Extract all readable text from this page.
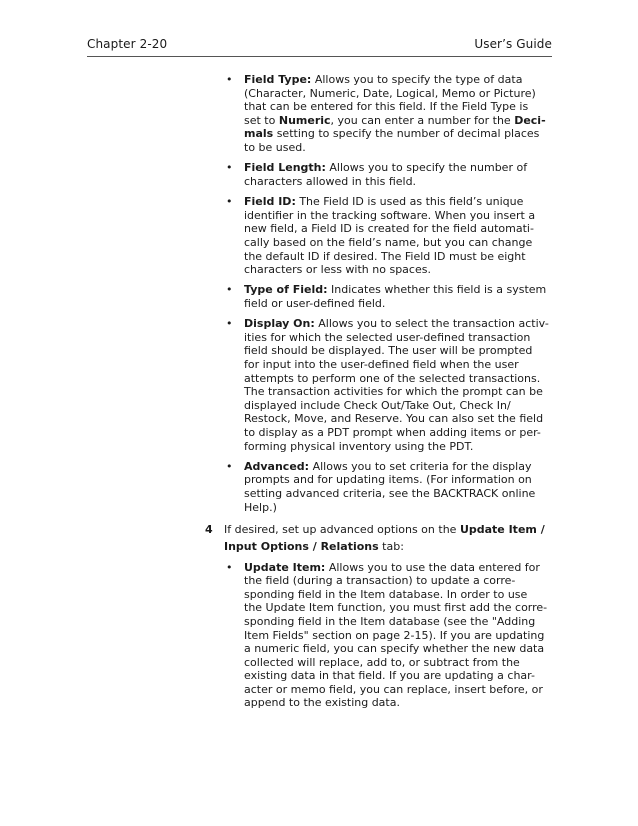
Chapter 2-20	User’s Guide
• Field Type: Allows you to specify the type of data
(Character, Numeric, Date, Logical, Memo or Picture)
that can be entered for this field. If the Field Type is
set to Numeric, you can enter a number for the Deci-
mals setting to specify the number of decimal places
to be used.
• Field Length: Allows you to specify the number of
characters allowed in this field.
• Field ID: The Field ID is used as this field’s unique
identifier in the tracking software. When you insert a
new field, a Field ID is created for the field automati-
cally based on the field’s name, but you can change
the default ID if desired. The Field ID must be eight
characters or less with no spaces.
• Type of Field: Indicates whether this field is a system
field or user-defined field.
• Display On: Allows you to select the transaction activ-
ities for which the selected user-defined transaction
field should be displayed. The user will be prompted
for input into the user-defined field when the user
attempts to perform one of the selected transactions.
The transaction activities for which the prompt can be
displayed include Check Out/Take Out, Check In/
Restock, Move, and Reserve. You can also set the field
to display as a PDT prompt when adding items or per-
forming physical inventory using the PDT.
• Advanced: Allows you to set criteria for the display
prompts and for updating items. (For information on
setting advanced criteria, see the BACKTRACK online
Help.)
4 If desired, set up advanced options on the Update Item /
Input Options / Relations tab:
• Update Item: Allows you to use the data entered for
the field (during a transaction) to update a corre-
sponding field in the Item database. In order to use
the Update Item function, you must first add the corre-
sponding field in the Item database (see the "Adding
Item Fields" section on page 2-15). If you are updating
a numeric field, you can specify whether the new data
collected will replace, add to, or subtract from the
existing data in that field. If you are updating a char-
acter or memo field, you can replace, insert before, or
append to the existing data.
